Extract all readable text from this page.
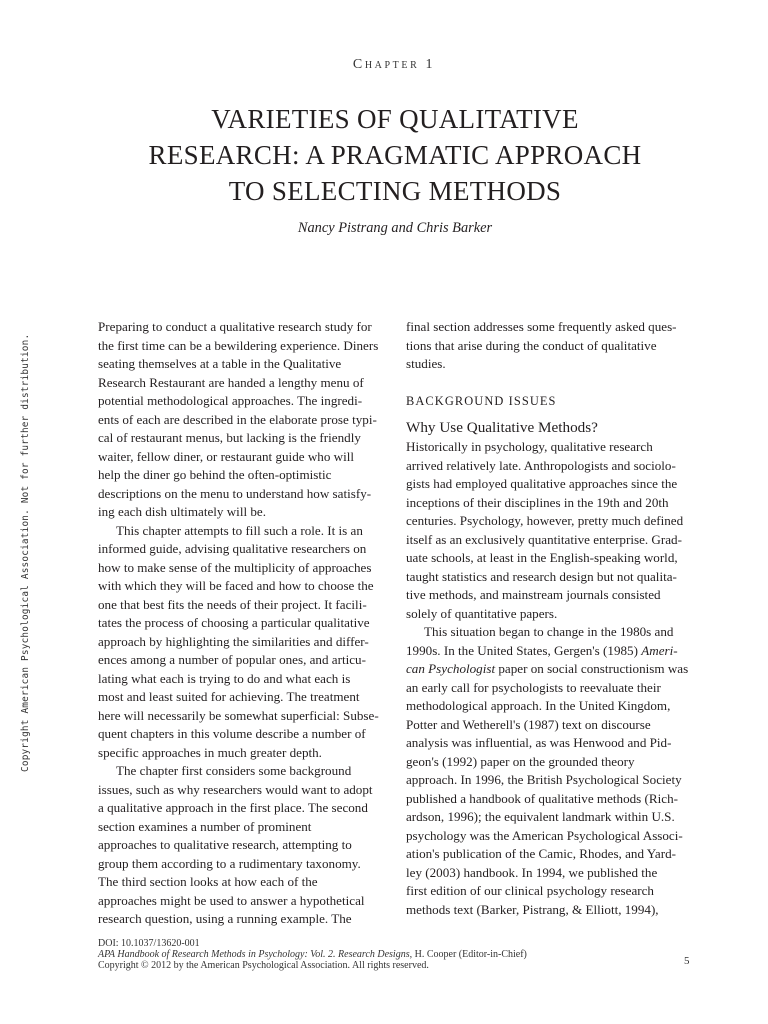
Copyright American Psychological Association. Not for further distribution.
Chapter 1
VARIETIES OF QUALITATIVE
RESEARCH: A PRAGMATIC APPROACH
TO SELECTING METHODS
Nancy Pistrang and Chris Barker

Preparing to conduct a qualitative research study for
the first time can be a bewildering experience. Diners
seating themselves at a table in the Qualitative
Research Restaurant are handed a lengthy menu of
potential methodological approaches. The ingredi-
ents of each are described in the elaborate prose typi-
cal of restaurant menus, but lacking is the friendly
waiter, fellow diner, or restaurant guide who will
help the diner go behind the often-optimistic
descriptions on the menu to understand how satisfy-
ing each dish ultimately will be.

This chapter attempts to fill such a role. It is an
informed guide, advising qualitative researchers on
how to make sense of the multiplicity of approaches
with which they will be faced and how to choose the
one that best fits the needs of their project. It facili-
tates the process of choosing a particular qualitative
approach by highlighting the similarities and differ-
ences among a number of popular ones, and articu-
lating what each is trying to do and what each is
most and least suited for achieving. The treatment
here will necessarily be somewhat superficial: Subse-
quent chapters in this volume describe a number of
specific approaches in much greater depth.

The chapter first considers some background
issues, such as why researchers would want to adopt
a qualitative approach in the first place. The second
section examines a number of prominent
approaches to qualitative research, attempting to
group them according to a rudimentary taxonomy.
The third section looks at how each of the
approaches might be used to answer a hypothetical
research question, using a running example. The

final section addresses some frequently asked ques-
tions that arise during the conduct of qualitative
studies.

BACKGROUND ISSUES
Why Use Qualitative Methods?

Historically in psychology, qualitative research
arrived relatively late. Anthropologists and sociolo-
gists had employed qualitative approaches since the
inceptions of their disciplines in the 19th and 20th
centuries. Psychology, however, pretty much defined
itself as an exclusively quantitative enterprise. Grad-
uate schools, at least in the English-speaking world,
taught statistics and research design but not qualita-
tive methods, and mainstream journals consisted
solely of quantitative papers.

This situation began to change in the 1980s and
1990s. In the United States, Gergen's (1985) Ameri-
can Psychologist paper on social constructionism was
an early call for psychologists to reevaluate their
methodological approach. In the United Kingdom,
Potter and Wetherell's (1987) text on discourse
analysis was influential, as was Henwood and Pid-
geon's (1992) paper on the grounded theory
approach. In 1996, the British Psychological Society
published a handbook of qualitative methods (Rich-
ardson, 1996); the equivalent landmark within U.S.
psychology was the American Psychological Associ-
ation's publication of the Camic, Rhodes, and Yard-
ley (2003) handbook. In 1994, we published the
first edition of our clinical psychology research
methods text (Barker, Pistrang, & Elliott, 1994),

DOI: 10.1037/13620-001
APA Handbook of Research Methods in Psychology: Vol. 2. Research Designs, H. Cooper (Editor-in-Chief)
Copyright © 2012 by the American Psychological Association. All rights reserved.	5
